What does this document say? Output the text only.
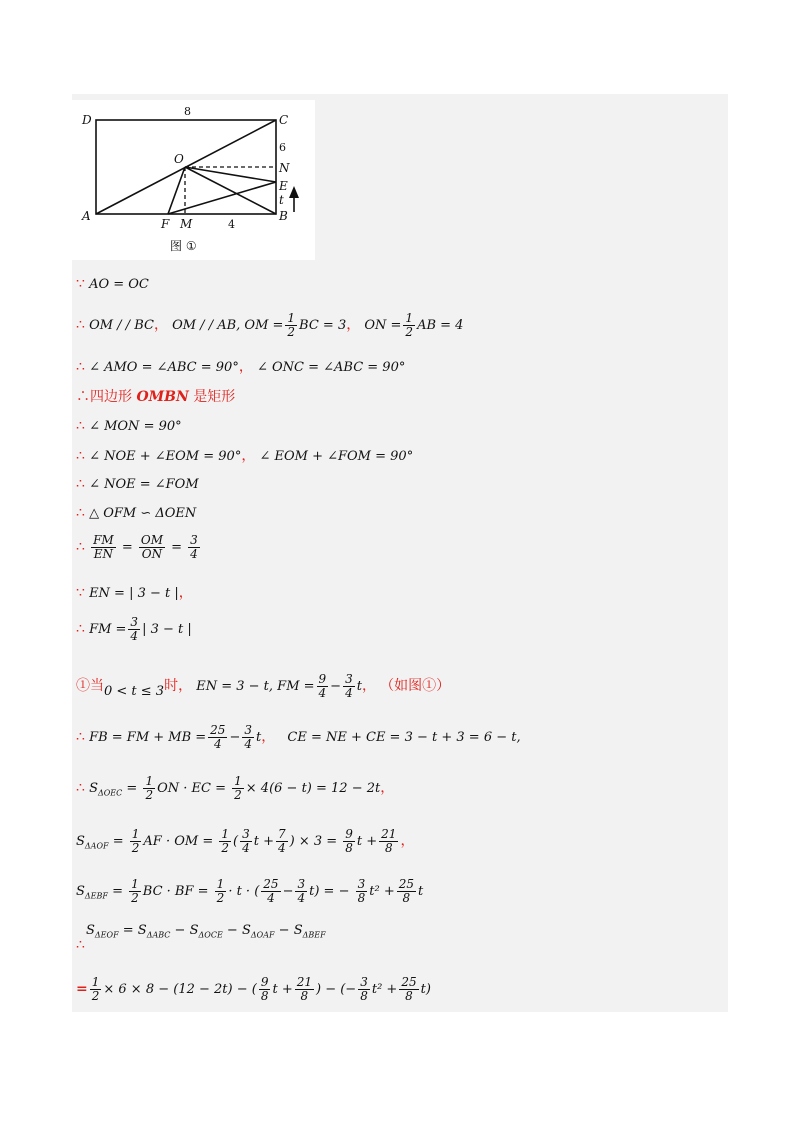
D	C
A	B
O
N
E
F M
t
8
6
4
图 ①
∵ AO = OC
∴ OM / / BC， OM / / AB, OM = $\frac{1}{2}$ BC = 3， ON = $\frac{1}{2}$ AB = 4
∴ ∠ AMO = ∠ABC = 90°， ∠ ONC = ∠ABC = 90°
∴四边形 OMBN 是矩形
∴ ∠ MON = 90°
∴ ∠ NOE + ∠EOM = 90°， ∠ EOM + ∠FOM = 90°
∴ ∠ NOE = ∠FOM
∴ △ OFM ∽ ΔOEN
∴ $\frac{FM}{EN} = \frac{OM}{ON} = \frac{3}{4}$
∵ EN = | 3 − t |，
∴ FM = $\frac{3}{4}$ | 3 − t |
①当0 < t ≤ 3时， EN = 3 − t, FM = $\frac{9}{4} - \frac{3}{4}$ t， （如图①）
∴ FB = FM + MB = $\frac{25}{4} - \frac{3}{4}$ t， CE = NE + CE = 3 − t + 3 = 6 − t,
∴ $S_{\Delta OEC} = \frac{1}{2}$ ON · EC = $\frac{1}{2} \times 4(6 - t) = 12 - 2t$，
$S_{\Delta AOF} = \frac{1}{2}$ AF · OM = $\frac{1}{2}$ ( $\frac{3}{4}$ $t + \frac{7}{4}$ ) × $3 = \frac{9}{8}$ $t + \frac{21}{8}$ ，
$S_{\Delta EBF} = \frac{1}{2}$ BC · BF = $\frac{1}{2} \cdot t$ · ( $\frac{25}{4} - \frac{3}{4} t$) = − $\frac{3}{8} t^2 + \frac{25}{8}$ t
$S_{\Delta EOF} = S_{\Delta ABC} - S_{\Delta OCE} - S_{\Delta OAF} - S_{\Delta BEF}$
∴
= $\frac{1}{2} \times 6 \times 8 - (12 - 2t)$ − ( $\frac{9}{8}$ $t + \frac{21}{8}$ ) − (− $\frac{3}{8} t^2 + \frac{25}{8} t$)
